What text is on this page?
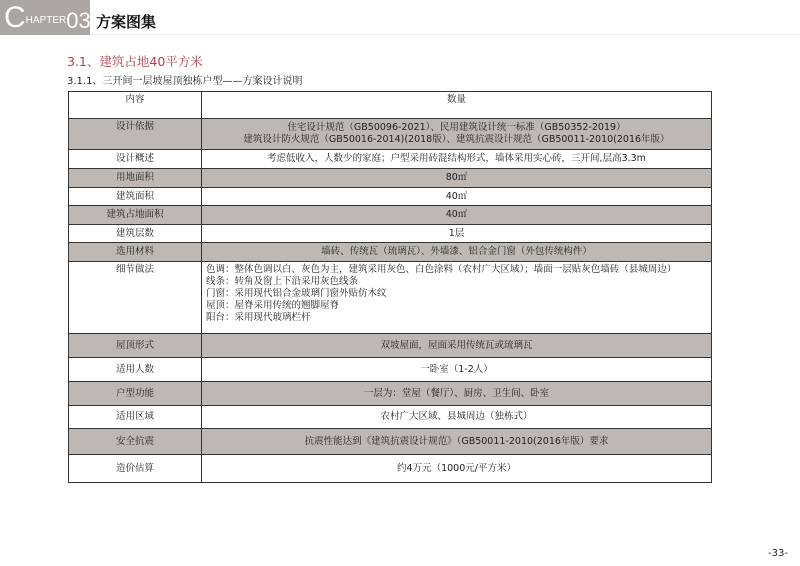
C HAPTER 03 方案图集
3.1、建筑占地40平方米
3.1.1、三开间一层坡屋顶独栋户型——方案设计说明
内容	数量
设计依据	住宅设计规范（GB50096-2021）、民用建筑设计统一标准（GB50352-2019）
建筑设计防火规范（GB50016-2014)(2018版）、建筑抗震设计规范（GB50011-2010(2016年版）

设计概述	考虑低收入，人数少的家庭；户型采用砖混结构形式，墙体采用实心砖，三开间,层高3.3m

用地面积	80㎡

建筑面积	40㎡

建筑占地面积	40㎡

建筑层数	1层

选用材料	墙砖、传统瓦（琉璃瓦）、外墙漆、铝合金门窗（外包传统构件）

细节做法	色调：整体色调以白、灰色为主，建筑采用灰色、白色涂料（农村广大区域）；墙面一层贴灰色墙砖（县城周边）
线条：转角及窗上下沿采用灰色线条
门窗：采用现代铝合金玻璃门窗外贴仿木纹
屋顶：屋脊采用传统的翘脚屋脊
阳台：采用现代玻璃栏杆

屋顶形式	双坡屋面，屋面采用传统瓦或琉璃瓦

适用人数	一卧室（1-2人）

户型功能	一层为：堂屋（餐厅）、厨房、卫生间、卧室

适用区域	农村广大区域、县城周边（独栋式）

安全抗震	抗震性能达到《建筑抗震设计规范》（GB50011-2010(2016年版）要求

造价估算	约4万元（1000元/平方米）
-33-
